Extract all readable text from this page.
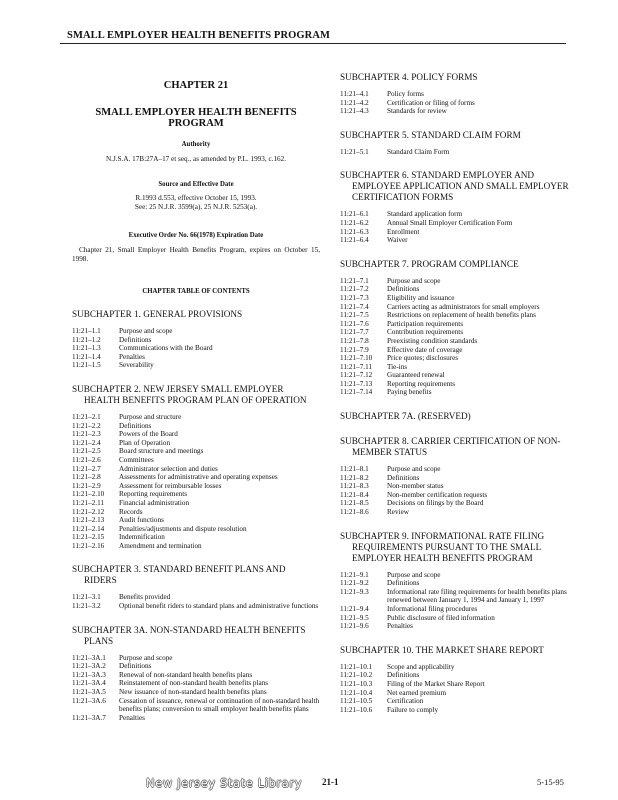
SMALL EMPLOYER HEALTH BENEFITS PROGRAM
CHAPTER 21
SMALL EMPLOYER HEALTH BENEFITS PROGRAM
Authority
N.J.S.A. 17B:27A–17 et seq., as amended by P.L. 1993, c.162.
Source and Effective Date
R.1993 d.553, effective October 15, 1993.
See: 25 N.J.R. 3599(a), 25 N.J.R. 5253(a).
Executive Order No. 66(1978) Expiration Date
Chapter 21, Small Employer Health Benefits Program, expires on October 15, 1998.
CHAPTER TABLE OF CONTENTS
SUBCHAPTER 1. GENERAL PROVISIONS
11:21–1.1	Purpose and scope
11:21–1.2	Definitions
11:21–1.3	Communications with the Board
11:21–1.4	Penalties
11:21–1.5	Severability
SUBCHAPTER 2. NEW JERSEY SMALL EMPLOYER HEALTH BENEFITS PROGRAM PLAN OF OPERATION
11:21–2.1	Purpose and structure
11:21–2.2	Definitions
11:21–2.3	Powers of the Board
11:21–2.4	Plan of Operation
11:21–2.5	Board structure and meetings
11:21–2.6	Committees
11:21–2.7	Administrator selection and duties
11:21–2.8	Assessments for administrative and operating expenses
11:21–2.9	Assessment for reimbursable losses
11:21–2.10	Reporting requirements
11:21–2.11	Financial administration
11:21–2.12	Records
11:21–2.13	Audit functions
11:21–2.14	Penalties/adjustments and dispute resolution
11:21–2.15	Indemnification
11:21–2.16	Amendment and termination
SUBCHAPTER 3. STANDARD BENEFIT PLANS AND RIDERS
11:21–3.1	Benefits provided
11:21–3.2	Optional benefit riders to standard plans and administrative functions
SUBCHAPTER 3A. NON-STANDARD HEALTH BENEFITS PLANS
11:21–3A.1	Purpose and scope
11:21–3A.2	Definitions
11:21–3A.3	Renewal of non-standard health benefits plans
11:21–3A.4	Reinstatement of non-standard health benefits plans
11:21–3A.5	New issuance of non-standard health benefits plans
11:21–3A.6	Cessation of issuance, renewal or continuation of non-standard health benefits plans; conversion to small employer health benefits plans
11:21–3A.7	Penalties
SUBCHAPTER 4. POLICY FORMS
11:21–4.1	Policy forms
11:21–4.2	Certification or filing of forms
11:21–4.3	Standards for review
SUBCHAPTER 5. STANDARD CLAIM FORM
11:21–5.1	Standard Claim Form
SUBCHAPTER 6. STANDARD EMPLOYER AND EMPLOYEE APPLICATION AND SMALL EMPLOYER CERTIFICATION FORMS
11:21–6.1	Standard application form
11:21–6.2	Annual Small Employer Certification Form
11:21–6.3	Enrollment
11:21–6.4	Waiver
SUBCHAPTER 7. PROGRAM COMPLIANCE
11:21–7.1	Purpose and scope
11:21–7.2	Definitions
11:21–7.3	Eligibility and issuance
11:21–7.4	Carriers acting as administrators for small employers
11:21–7.5	Restrictions on replacement of health benefits plans
11:21–7.6	Participation requirements
11:21–7.7	Contribution requirements
11:21–7.8	Preexisting condition standards
11:21–7.9	Effective date of coverage
11:21–7.10	Price quotes; disclosures
11:21–7.11	Tie-ins
11:21–7.12	Guaranteed renewal
11:21–7.13	Reporting requirements
11:21–7.14	Paying benefits
SUBCHAPTER 7A. (RESERVED)
SUBCHAPTER 8. CARRIER CERTIFICATION OF NON-MEMBER STATUS
11:21–8.1	Purpose and scope
11:21–8.2	Definitions
11:21–8.3	Non-member status
11:21–8.4	Non-member certification requests
11:21–8.5	Decisions on filings by the Board
11:21–8.6	Review
SUBCHAPTER 9. INFORMATIONAL RATE FILING REQUIREMENTS PURSUANT TO THE SMALL EMPLOYER HEALTH BENEFITS PROGRAM
11:21–9.1	Purpose and scope
11:21–9.2	Definitions
11:21–9.3	Informational rate filing requirements for health benefits plans renewed between January 1, 1994 and January 1, 1997
11:21–9.4	Informational filing procedures
11:21–9.5	Public disclosure of filed information
11:21–9.6	Penalties
SUBCHAPTER 10. THE MARKET SHARE REPORT
11:21–10.1	Scope and applicability
11:21–10.2	Definitions
11:21–10.3	Filing of the Market Share Report
11:21–10.4	Net earned premium
11:21–10.5	Certification
11:21–10.6	Failure to comply
New Jersey State Library 21-1	5-15-95
